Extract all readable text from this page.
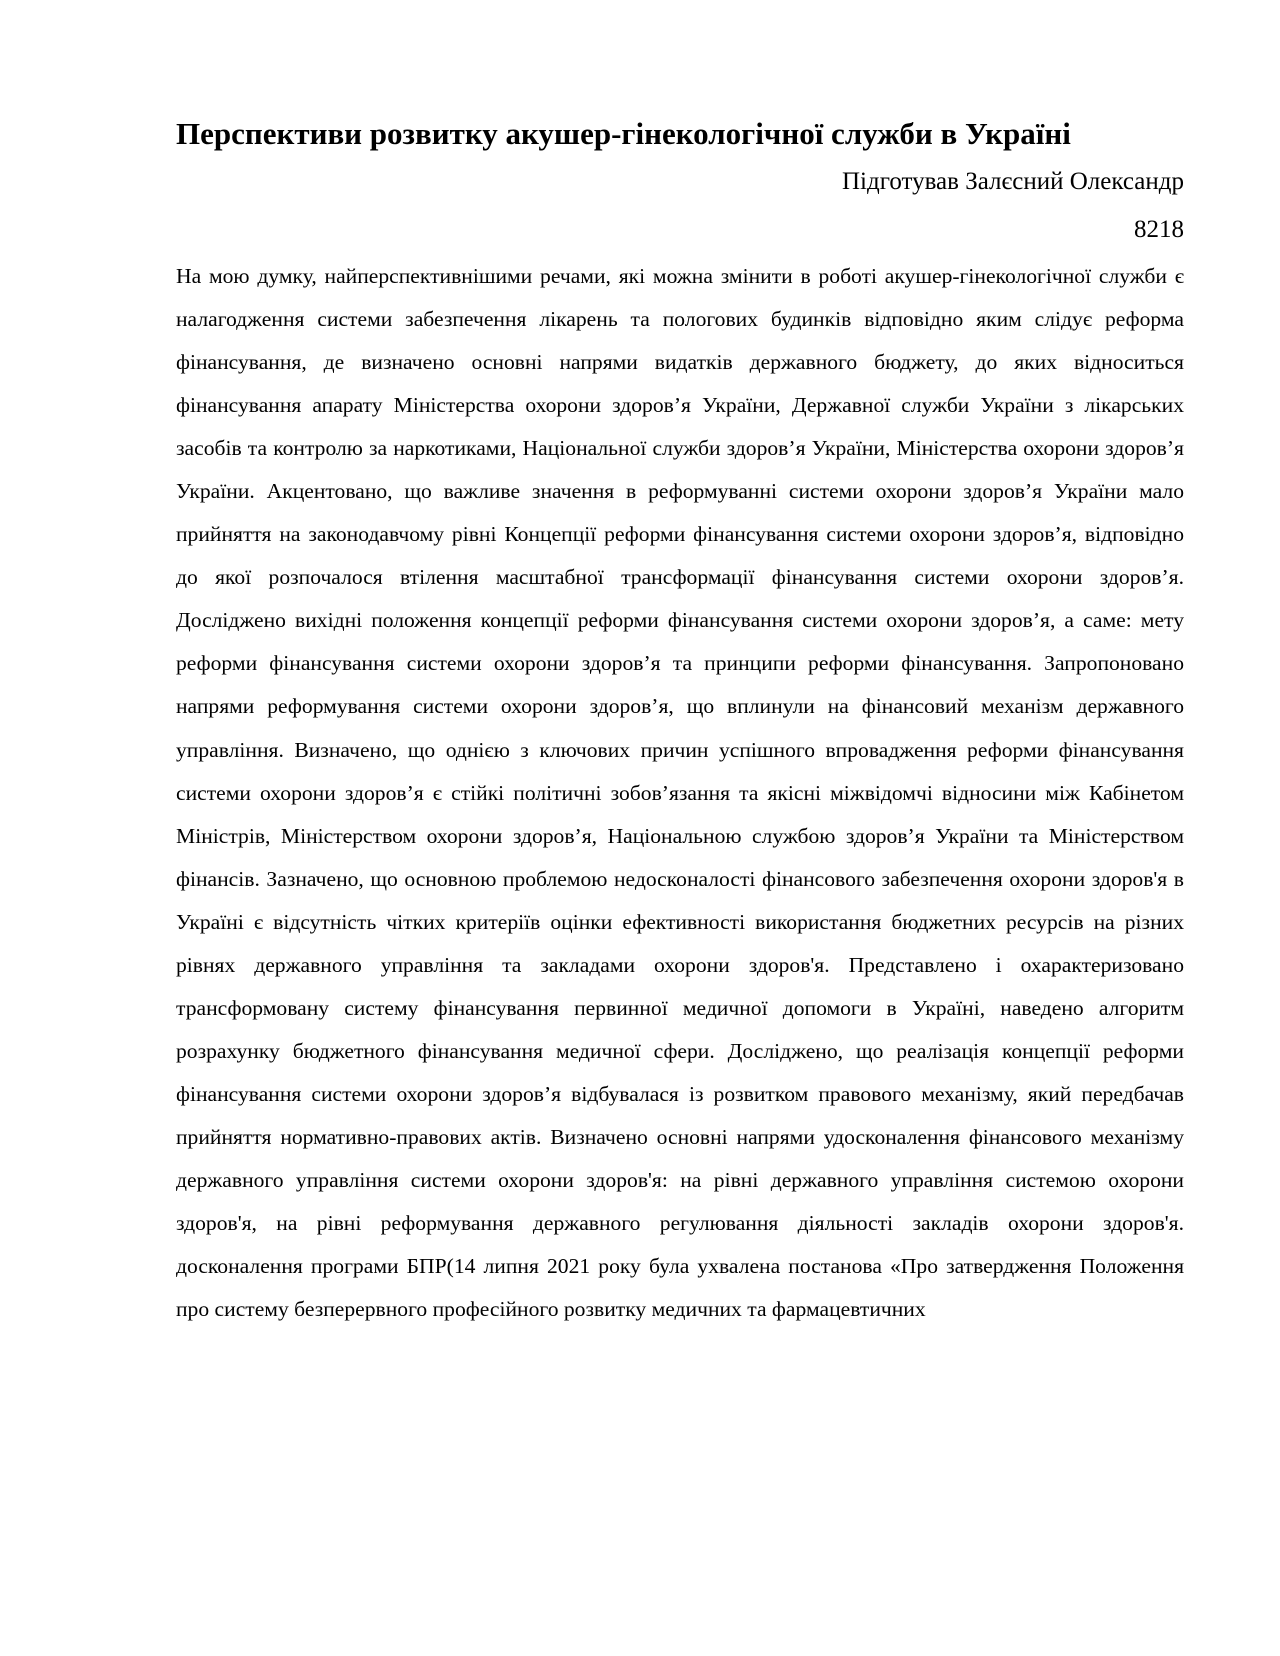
Перспективи розвитку акушер-гінекологічної служби в Україні

Підготував Залєсний Олександр

8218

На мою думку, найперспективнішими речами, які можна змінити в роботі акушер-гінекологічної служби є налагодження системи забезпечення лікарень та пологових будинків відповідно яким слідує реформа фінансування, де визначено основні напрями видатків державного бюджету, до яких відноситься фінансування апарату Міністерства охорони здоров’я України, Державної служби України з лікарських засобів та контролю за наркотиками, Національної служби здоров’я України, Міністерства охорони здоров’я України. Акцентовано, що важливе значення в реформуванні системи охорони здоров’я України мало прийняття на законодавчому рівні Концепції реформи фінансування системи охорони здоров’я, відповідно до якої розпочалося втілення масштабної трансформації фінансування системи охорони здоров’я. Досліджено вихідні положення концепції реформи фінансування системи охорони здоров’я, а саме: мету реформи фінансування системи охорони здоров’я та принципи реформи фінансування. Запропоновано напрями реформування системи охорони здоров’я, що вплинули на фінансовий механізм державного управління. Визначено, що однією з ключових причин успішного впровадження реформи фінансування системи охорони здоров’я є стійкі політичні зобов’язання та якісні міжвідомчі відносини між Кабінетом Міністрів, Міністерством охорони здоров’я, Національною службою здоров’я України та Міністерством фінансів. Зазначено, що основною проблемою недосконалості фінансового забезпечення охорони здоров'я в Україні є відсутність чітких критеріїв оцінки ефективності використання бюджетних ресурсів на різних рівнях державного управління та закладами охорони здоров'я. Представлено і охарактеризовано трансформовану систему фінансування первинної медичної допомоги в Україні, наведено алгоритм розрахунку бюджетного фінансування медичної сфери. Досліджено, що реалізація концепції реформи фінансування системи охорони здоров’я відбувалася із розвитком правового механізму, який передбачав прийняття нормативно-правових актів. Визначено основні напрями удосконалення фінансового механізму державного управління системи охорони здоров'я: на рівні державного управління системою охорони здоров'я, на рівні реформування державного регулювання діяльності закладів охорони здоров'я. досконалення програми БПР(14 липня 2021 року була ухвалена постанова «Про затвердження Положення про систему безперервного професійного розвитку медичних та фармацевтичних
